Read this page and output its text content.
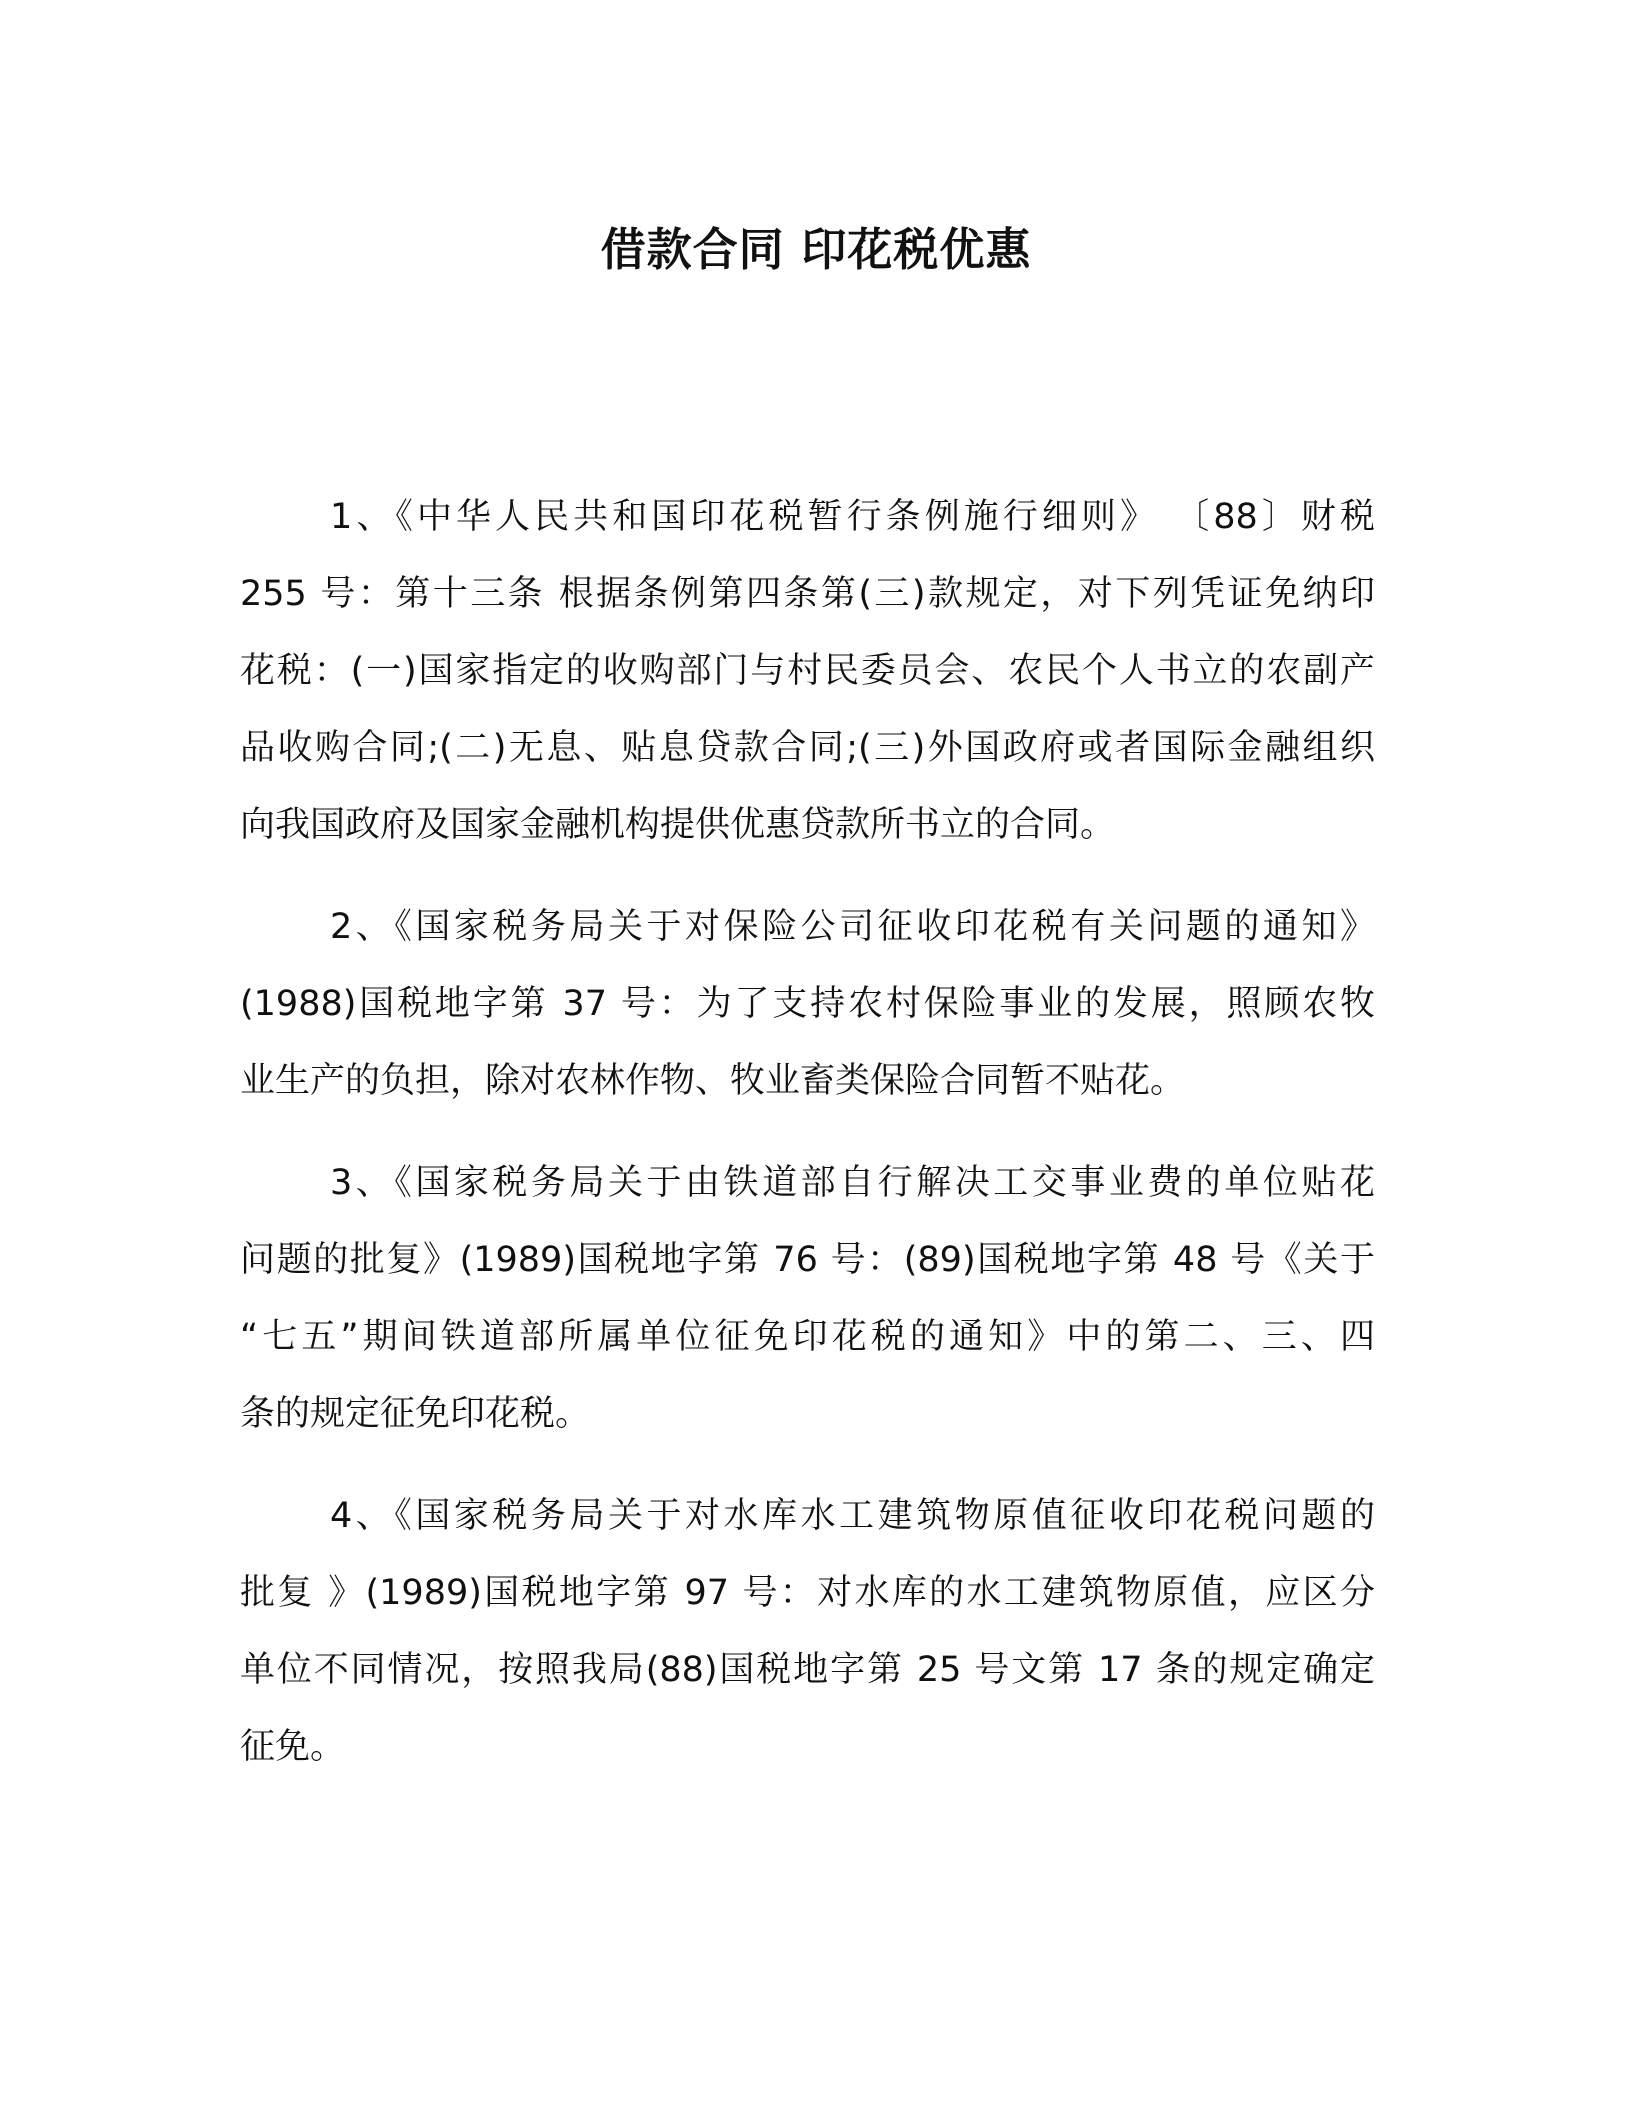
借款合同 印花税优惠
1、《中华人民共和国印花税暂行条例施行细则》 〔88〕财税
255 号：第十三条 根据条例第四条第(三)款规定，对下列凭证免纳印
花税：(一)国家指定的收购部门与村民委员会、农民个人书立的农副产
品收购合同;(二)无息、贴息贷款合同;(三)外国政府或者国际金融组织
向我国政府及国家金融机构提供优惠贷款所书立的合同。
2、《国家税务局关于对保险公司征收印花税有关问题的通知》
(1988)国税地字第 37 号：为了支持农村保险事业的发展，照顾农牧
业生产的负担，除对农林作物、牧业畜类保险合同暂不贴花。
3、《国家税务局关于由铁道部自行解决工交事业费的单位贴花
问题的批复》(1989)国税地字第 76 号：(89)国税地字第 48 号《关于
“七五”期间铁道部所属单位征免印花税的通知》中的第二、三、四
条的规定征免印花税。
4、《国家税务局关于对水库水工建筑物原值征收印花税问题的
批复 》(1989)国税地字第 97 号：对水库的水工建筑物原值，应区分
单位不同情况，按照我局(88)国税地字第 25 号文第 17 条的规定确定
征免。
